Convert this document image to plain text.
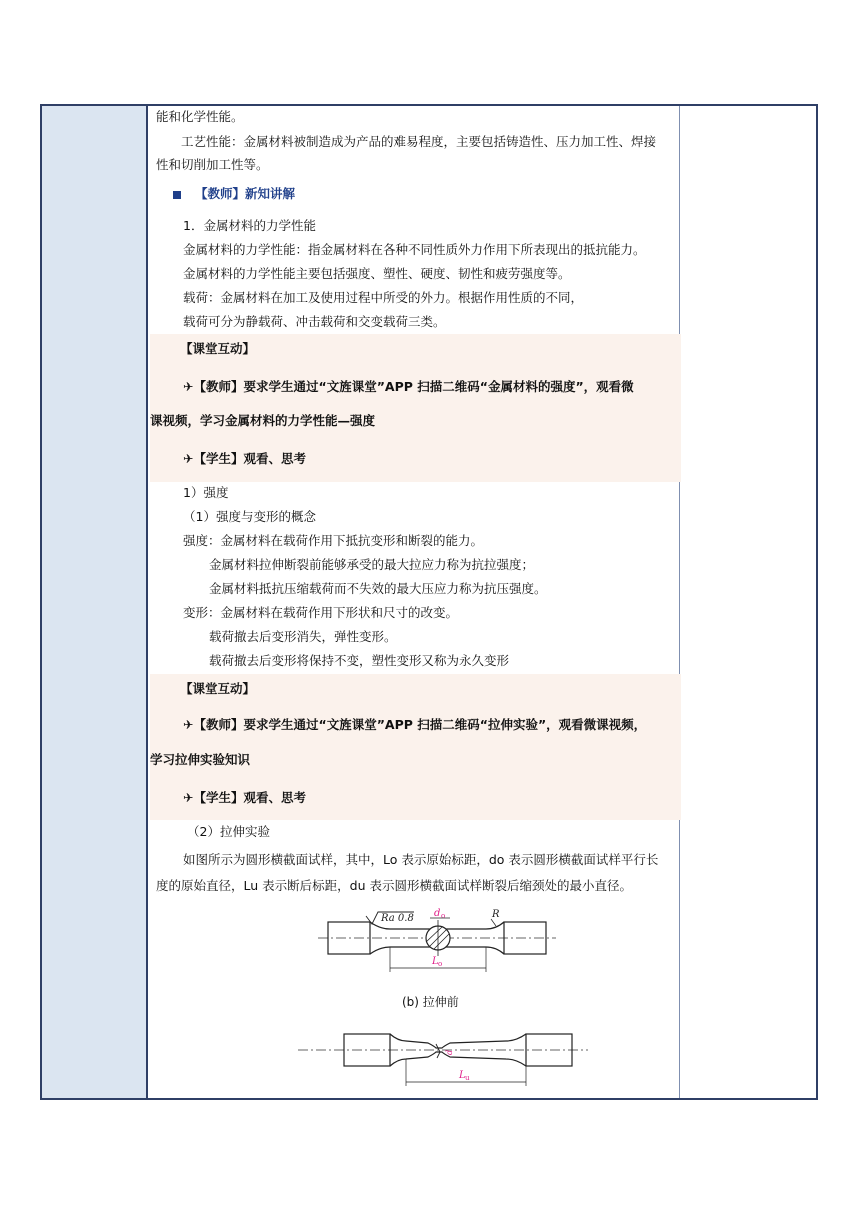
能和化学性能。
工艺性能：金属材料被制造成为产品的难易程度，主要包括铸造性、压力加工性、焊接
性和切削加工性等。
【教师】新知讲解
1．金属材料的力学性能
金属材料的力学性能：指金属材料在各种不同性质外力作用下所表现出的抵抗能力。
金属材料的力学性能主要包括强度、塑性、硬度、韧性和疲劳强度等。
载荷：金属材料在加工及使用过程中所受的外力。根据作用性质的不同，
载荷可分为静载荷、冲击载荷和交变载荷三类。
【课堂互动】
✈【教师】要求学生通过“文旌课堂”APP 扫描二维码“金属材料的强度”，观看微
课视频，学习金属材料的力学性能—强度
✈【学生】观看、思考
1）强度
（1）强度与变形的概念
强度：金属材料在载荷作用下抵抗变形和断裂的能力。
金属材料拉伸断裂前能够承受的最大拉应力称为抗拉强度；
金属材料抵抗压缩载荷而不失效的最大压应力称为抗压强度。
变形：金属材料在载荷作用下形状和尺寸的改变。
载荷撤去后变形消失，弹性变形。
载荷撤去后变形将保持不变，塑性变形又称为永久变形
【课堂互动】
✈【教师】要求学生通过“文旌课堂”APP 扫描二维码“拉伸实验”，观看微课视频，
学习拉伸实验知识
✈【学生】观看、思考
（2）拉伸实验
如图所示为圆形横截面试样，其中，Lo 表示原始标距，do 表示圆形横截面试样平行长
度的原始直径，Lu 表示断后标距，du 表示圆形横截面试样断裂后缩颈处的最小直径。
Ra 0.8 d o	R
L o
(b) 拉伸前
d
L u
